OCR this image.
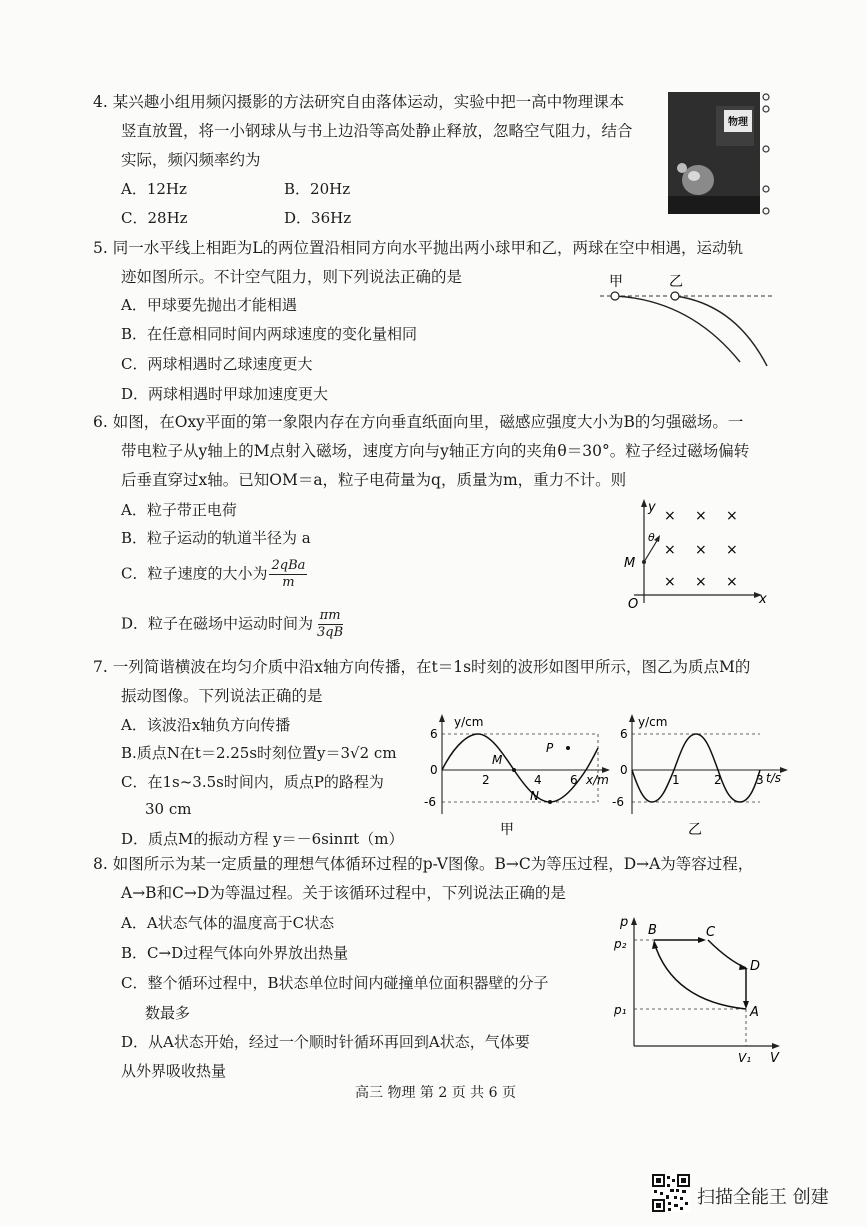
4. 某兴趣小组用频闪摄影的方法研究自由落体运动，实验中把一高中物理课本
竖直放置，将一小钢球从与书上边沿等高处静止释放，忽略空气阻力，结合
实际，频闪频率约为
A．12Hz	B．20Hz
C．28Hz	D．36Hz
物理
5. 同一水平线上相距为L的两位置沿相同方向水平抛出两小球甲和乙，两球在空中相遇，运动轨
迹如图所示。不计空气阻力，则下列说法正确的是
A．甲球要先抛出才能相遇
B．在任意相同时间内两球速度的变化量相同
C．两球相遇时乙球速度更大
D．两球相遇时甲球加速度更大
甲	乙
6. 如图，在Oxy平面的第一象限内存在方向垂直纸面向里，磁感应强度大小为B的匀强磁场。一
带电粒子从y轴上的M点射入磁场，速度方向与y轴正方向的夹角θ＝30°。粒子经过磁场偏转
后垂直穿过x轴。已知OM＝a，粒子电荷量为q，质量为m，重力不计。则
A．粒子带正电荷
B．粒子运动的轨道半径为 a
C．粒子速度的大小为 $\frac{\text{2qBa}}{m}$
D．粒子在磁场中运动时间为 $\frac{\pi m}{3qB}$
y
x
O
M
θ
× × ×
× × ×
× × ×
7. 一列简谐横波在均匀介质中沿x轴方向传播，在t＝1s时刻的波形如图甲所示，图乙为质点M的
振动图像。下列说法正确的是
A．该波沿x轴负方向传播
B.质点N在t＝2.25s时刻位置y＝3√2 cm
C．在1s~3.5s时间内，质点P的路程为
30 cm
D．质点M的振动方程 y＝－6sinπt（m）
y/cm
x/m
6
0
-6
2	4 6
M
N
P
甲
y/cm
t/s
6
0
-6
1	2	3
乙
8. 如图所示为某一定质量的理想气体循环过程的p-V图像。B→C为等压过程，D→A为等容过程，
A→B和C→D为等温过程。关于该循环过程中，下列说法正确的是
A．A状态气体的温度高于C状态
B．C→D过程气体向外界放出热量
C．整个循环过程中，B状态单位时间内碰撞单位面积器壁的分子
数最多
D．从A状态开始，经过一个顺时针循环再回到A状态，气体要
从外界吸收热量
p
V
p₂
p₁
V₁
B	C
D
A
高三 物理 第 2 页 共 6 页
扫描全能王 创建
